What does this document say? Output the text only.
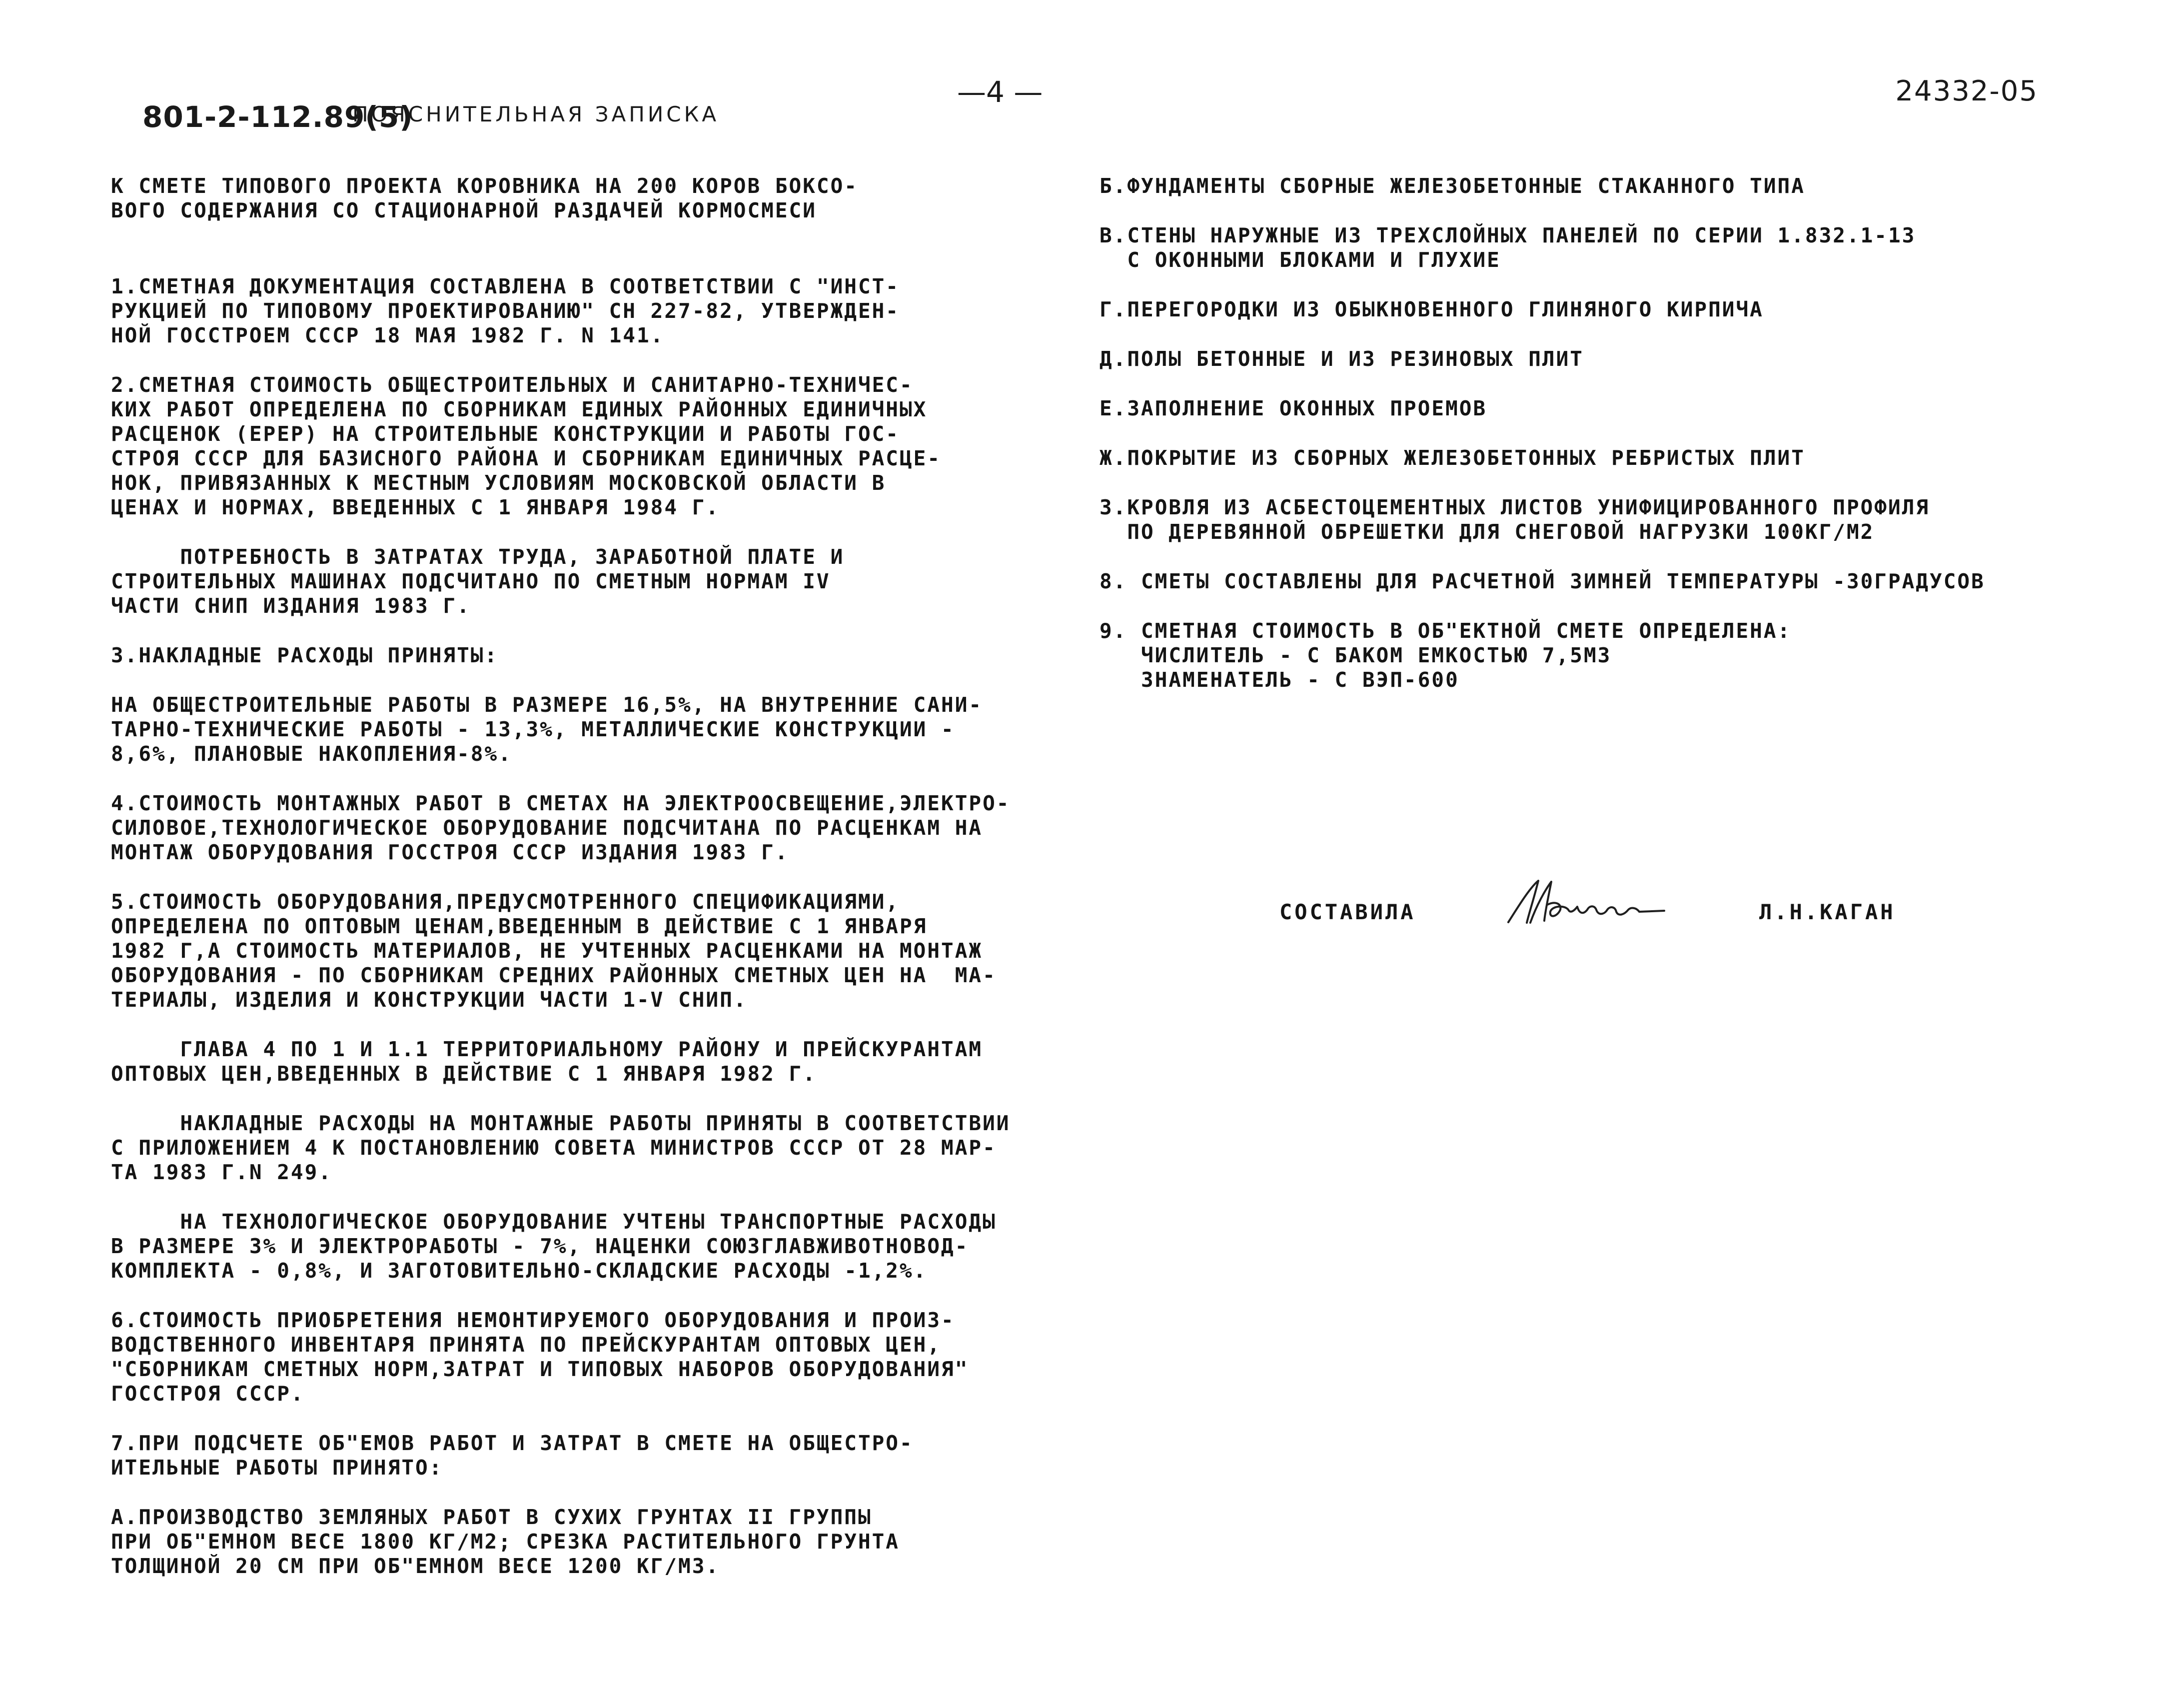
801-2-112.89(5)
ПОЯСНИТЕЛЬНАЯ ЗАПИСКА
—4 —	24332-05

К СМЕТЕ ТИПОВОГО ПРОЕКТА КОРОВНИКА НА 200 КОРОВ БОКСО-
ВОГО СОДЕРЖАНИЯ СО СТАЦИОНАРНОЙ РАЗДАЧЕЙ КОРМОСМЕСИ

1.СМЕТНАЯ ДОКУМЕНТАЦИЯ СОСТАВЛЕНА В СООТВЕТСТВИИ С "ИНСТ-
РУКЦИЕЙ ПО ТИПОВОМУ ПРОЕКТИРОВАНИЮ" СН 227-82, УТВЕРЖДЕН-
НОЙ ГОССТРОЕМ СССР 18 МАЯ 1982 Г. N 141.

2.СМЕТНАЯ СТОИМОСТЬ ОБЩЕСТРОИТЕЛЬНЫХ И САНИТАРНО-ТЕХНИЧЕС-
КИХ РАБОТ ОПРЕДЕЛЕНА ПО СБОРНИКАМ ЕДИНЫХ РАЙОННЫХ ЕДИНИЧНЫХ
РАСЦЕНОК (ЕРЕР) НА СТРОИТЕЛЬНЫЕ КОНСТРУКЦИИ И РАБОТЫ ГОС-
СТРОЯ СССР ДЛЯ БАЗИСНОГО РАЙОНА И СБОРНИКАМ ЕДИНИЧНЫХ РАСЦЕ-
НОК, ПРИВЯЗАННЫХ К МЕСТНЫМ УСЛОВИЯМ МОСКОВСКОЙ ОБЛАСТИ В
ЦЕНАХ И НОРМАХ, ВВЕДЕННЫХ С 1 ЯНВАРЯ 1984 Г.

ПОТРЕБНОСТЬ В ЗАТРАТАХ ТРУДА, ЗАРАБОТНОЙ ПЛАТЕ И
СТРОИТЕЛЬНЫХ МАШИНАХ ПОДСЧИТАНО ПО СМЕТНЫМ НОРМАМ IV
ЧАСТИ СНИП ИЗДАНИЯ 1983 Г.

3.НАКЛАДНЫЕ РАСХОДЫ ПРИНЯТЫ:

НА ОБЩЕСТРОИТЕЛЬНЫЕ РАБОТЫ В РАЗМЕРЕ 16,5%, НА ВНУТРЕННИЕ САНИ-
ТАРНО-ТЕХНИЧЕСКИЕ РАБОТЫ - 13,3%, МЕТАЛЛИЧЕСКИЕ КОНСТРУКЦИИ -
8,6%, ПЛАНОВЫЕ НАКОПЛЕНИЯ-8%.

4.СТОИМОСТЬ МОНТАЖНЫХ РАБОТ В СМЕТАХ НА ЭЛЕКТРООСВЕЩЕНИЕ,ЭЛЕКТРО-
СИЛОВОЕ,ТЕХНОЛОГИЧЕСКОЕ ОБОРУДОВАНИЕ ПОДСЧИТАНА ПО РАСЦЕНКАМ НА
МОНТАЖ ОБОРУДОВАНИЯ ГОССТРОЯ СССР ИЗДАНИЯ 1983 Г.

5.СТОИМОСТЬ ОБОРУДОВАНИЯ,ПРЕДУСМОТРЕННОГО СПЕЦИФИКАЦИЯМИ,
ОПРЕДЕЛЕНА ПО ОПТОВЫМ ЦЕНАМ,ВВЕДЕННЫМ В ДЕЙСТВИЕ С 1 ЯНВАРЯ
1982 Г,А СТОИМОСТЬ МАТЕРИАЛОВ, НЕ УЧТЕННЫХ РАСЦЕНКАМИ НА МОНТАЖ
ОБОРУДОВАНИЯ - ПО СБОРНИКАМ СРЕДНИХ РАЙОННЫХ СМЕТНЫХ ЦЕН НА  МА-
ТЕРИАЛЫ, ИЗДЕЛИЯ И КОНСТРУКЦИИ ЧАСТИ 1-V СНИП.

ГЛАВА 4 ПО 1 И 1.1 ТЕРРИТОРИАЛЬНОМУ РАЙОНУ И ПРЕЙСКУРАНТАМ
ОПТОВЫХ ЦЕН,ВВЕДЕННЫХ В ДЕЙСТВИЕ С 1 ЯНВАРЯ 1982 Г.

НАКЛАДНЫЕ РАСХОДЫ НА МОНТАЖНЫЕ РАБОТЫ ПРИНЯТЫ В СООТВЕТСТВИИ
С ПРИЛОЖЕНИЕМ 4 К ПОСТАНОВЛЕНИЮ СОВЕТА МИНИСТРОВ СССР ОТ 28 МАР-
ТА 1983 Г.N 249.

НА ТЕХНОЛОГИЧЕСКОЕ ОБОРУДОВАНИЕ УЧТЕНЫ ТРАНСПОРТНЫЕ РАСХОДЫ
В РАЗМЕРЕ 3% И ЭЛЕКТРОРАБОТЫ - 7%, НАЦЕНКИ СОЮЗГЛАВЖИВОТНОВОД-
КОМПЛЕКТА - 0,8%, И ЗАГОТОВИТЕЛЬНО-СКЛАДСКИЕ РАСХОДЫ -1,2%.

6.СТОИМОСТЬ ПРИОБРЕТЕНИЯ НЕМОНТИРУЕМОГО ОБОРУДОВАНИЯ И ПРОИЗ-
ВОДСТВЕННОГО ИНВЕНТАРЯ ПРИНЯТА ПО ПРЕЙСКУРАНТАМ ОПТОВЫХ ЦЕН,
"СБОРНИКАМ СМЕТНЫХ НОРМ,ЗАТРАТ И ТИПОВЫХ НАБОРОВ ОБОРУДОВАНИЯ"
ГОССТРОЯ СССР.

7.ПРИ ПОДСЧЕТЕ ОБ"ЕМОВ РАБОТ И ЗАТРАТ В СМЕТЕ НА ОБЩЕСТРО-
ИТЕЛЬНЫЕ РАБОТЫ ПРИНЯТО:

А.ПРОИЗВОДСТВО ЗЕМЛЯНЫХ РАБОТ В СУХИХ ГРУНТАХ II ГРУППЫ
ПРИ ОБ"ЕМНОМ ВЕСЕ 1800 КГ/М2; СРЕЗКА РАСТИТЕЛЬНОГО ГРУНТА
ТОЛЩИНОЙ 20 СМ ПРИ ОБ"ЕМНОМ ВЕСЕ 1200 КГ/М3.

Б.ФУНДАМЕНТЫ СБОРНЫЕ ЖЕЛЕЗОБЕТОННЫЕ СТАКАННОГО ТИПА

В.СТЕНЫ НАРУЖНЫЕ ИЗ ТРЕХСЛОЙНЫХ ПАНЕЛЕЙ ПО СЕРИИ 1.832.1-13
С ОКОННЫМИ БЛОКАМИ И ГЛУХИЕ

Г.ПЕРЕГОРОДКИ ИЗ ОБЫКНОВЕННОГО ГЛИНЯНОГО КИРПИЧА

Д.ПОЛЫ БЕТОННЫЕ И ИЗ РЕЗИНОВЫХ ПЛИТ

Е.ЗАПОЛНЕНИЕ ОКОННЫХ ПРОЕМОВ

Ж.ПОКРЫТИЕ ИЗ СБОРНЫХ ЖЕЛЕЗОБЕТОННЫХ РЕБРИСТЫХ ПЛИТ

З.КРОВЛЯ ИЗ АСБЕСТОЦЕМЕНТНЫХ ЛИСТОВ УНИФИЦИРОВАННОГО ПРОФИЛЯ
ПО ДЕРЕВЯННОЙ ОБРЕШЕТКИ ДЛЯ СНЕГОВОЙ НАГРУЗКИ 100КГ/М2

8. СМЕТЫ СОСТАВЛЕНЫ ДЛЯ РАСЧЕТНОЙ ЗИМНЕЙ ТЕМПЕРАТУРЫ -30ГРАДУСОВ

9. СМЕТНАЯ СТОИМОСТЬ В ОБ"ЕКТНОЙ СМЕТЕ ОПРЕДЕЛЕНА:
ЧИСЛИТЕЛЬ - С БАКОМ ЕМКОСТЬЮ 7,5М3
ЗНАМЕНАТЕЛЬ - С ВЭП-600

СОСТАВИЛА	Л.Н.КАГАН
